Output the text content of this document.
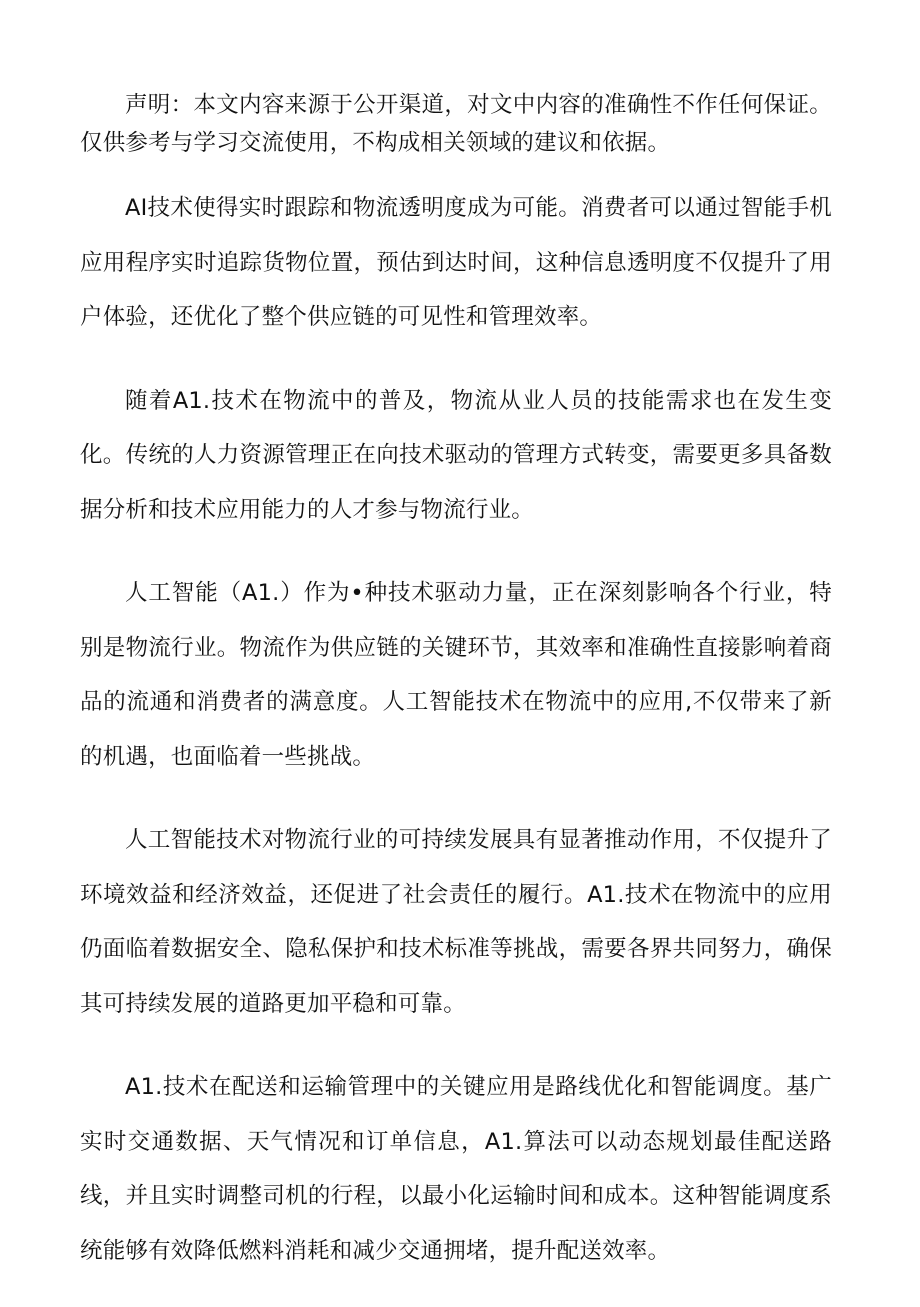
声明：本文内容来源于公开渠道，对文中内容的准确性不作任何保证。仅供参考与学习交流使用，不构成相关领域的建议和依据。

AI技术使得实时跟踪和物流透明度成为可能。消费者可以通过智能手机应用程序实时追踪货物位置，预估到达时间，这种信息透明度不仅提升了用户体验，还优化了整个供应链的可见性和管理效率。

随着A1.技术在物流中的普及，物流从业人员的技能需求也在发生变化。传统的人力资源管理正在向技术驱动的管理方式转变，需要更多具备数据分析和技术应用能力的人才参与物流行业。

人工智能（A1.）作为•种技术驱动力量，正在深刻影响各个行业，特别是物流行业。物流作为供应链的关键环节，其效率和准确性直接影响着商品的流通和消费者的满意度。人工智能技术在物流中的应用,不仅带来了新的机遇，也面临着一些挑战。

人工智能技术对物流行业的可持续发展具有显著推动作用，不仅提升了环境效益和经济效益，还促进了社会责任的履行。A1.技术在物流中的应用仍面临着数据安全、隐私保护和技术标准等挑战，需要各界共同努力，确保其可持续发展的道路更加平稳和可靠。

A1.技术在配送和运输管理中的关键应用是路线优化和智能调度。基广实时交通数据、天气情况和订单信息，A1.算法可以动态规划最佳配送路线，并且实时调整司机的行程，以最小化运输时间和成本。这种智能调度系统能够有效降低燃料消耗和减少交通拥堵，提升配送效率。
